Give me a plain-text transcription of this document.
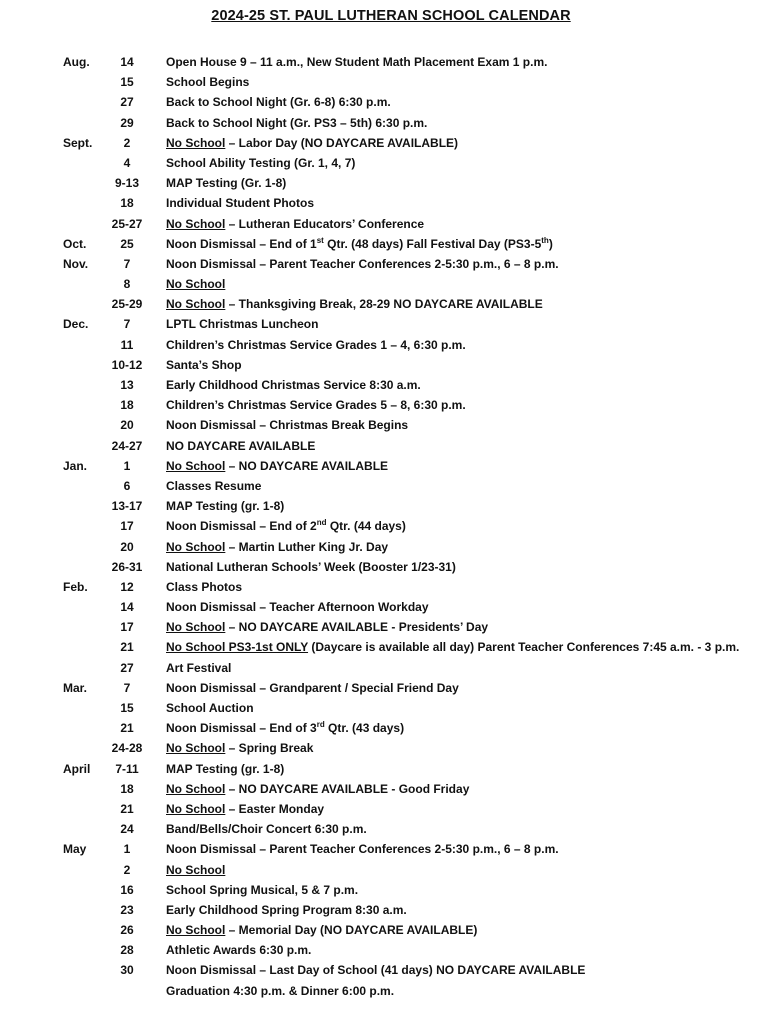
2024-25 ST. PAUL LUTHERAN SCHOOL CALENDAR
Aug.	14	Open House 9 – 11 a.m., New Student Math Placement Exam 1 p.m.
15	School Begins
27	Back to School Night (Gr. 6-8) 6:30 p.m.
29	Back to School Night (Gr. PS3 – 5th) 6:30 p.m.
Sept.	2	No School – Labor Day (NO DAYCARE AVAILABLE)
4	School Ability Testing (Gr. 1, 4, 7)
9-13	MAP Testing (Gr. 1-8)
18	Individual Student Photos
25-27	No School – Lutheran Educators’ Conference
Oct.	25	Noon Dismissal – End of 1st Qtr. (48 days) Fall Festival Day (PS3-5th)
Nov.	7	Noon Dismissal – Parent Teacher Conferences 2-5:30 p.m., 6 – 8 p.m.
8	No School
25-29	No School – Thanksgiving Break, 28-29 NO DAYCARE AVAILABLE
Dec.	7	LPTL Christmas Luncheon
11	Children’s Christmas Service Grades 1 – 4, 6:30 p.m.
10-12	Santa’s Shop
13	Early Childhood Christmas Service 8:30 a.m.
18	Children’s Christmas Service Grades 5 – 8, 6:30 p.m.
20	Noon Dismissal – Christmas Break Begins
24-27	NO DAYCARE AVAILABLE
Jan.	1	No School – NO DAYCARE AVAILABLE
6	Classes Resume
13-17	MAP Testing (gr. 1-8)
17	Noon Dismissal – End of 2nd Qtr. (44 days)
20	No School – Martin Luther King Jr. Day
26-31	National Lutheran Schools’ Week (Booster 1/23-31)
Feb.	12	Class Photos
14	Noon Dismissal – Teacher Afternoon Workday
17	No School – NO DAYCARE AVAILABLE - Presidents’ Day
21	No School PS3-1st ONLY (Daycare is available all day) Parent Teacher Conferences 7:45 a.m. - 3 p.m.
27	Art Festival
Mar.	7	Noon Dismissal – Grandparent / Special Friend Day
15	School Auction
21	Noon Dismissal – End of 3rd Qtr. (43 days)
24-28	No School – Spring Break
April	7-11	MAP Testing (gr. 1-8)
18	No School – NO DAYCARE AVAILABLE - Good Friday
21	No School – Easter Monday
24	Band/Bells/Choir Concert 6:30 p.m.
May	1	Noon Dismissal – Parent Teacher Conferences 2-5:30 p.m., 6 – 8 p.m.
2	No School
16	School Spring Musical, 5 & 7 p.m.
23	Early Childhood Spring Program 8:30 a.m.
26	No School – Memorial Day (NO DAYCARE AVAILABLE)
28	Athletic Awards 6:30 p.m.
30	Noon Dismissal – Last Day of School (41 days) NO DAYCARE AVAILABLE
Graduation 4:30 p.m. & Dinner 6:00 p.m.
